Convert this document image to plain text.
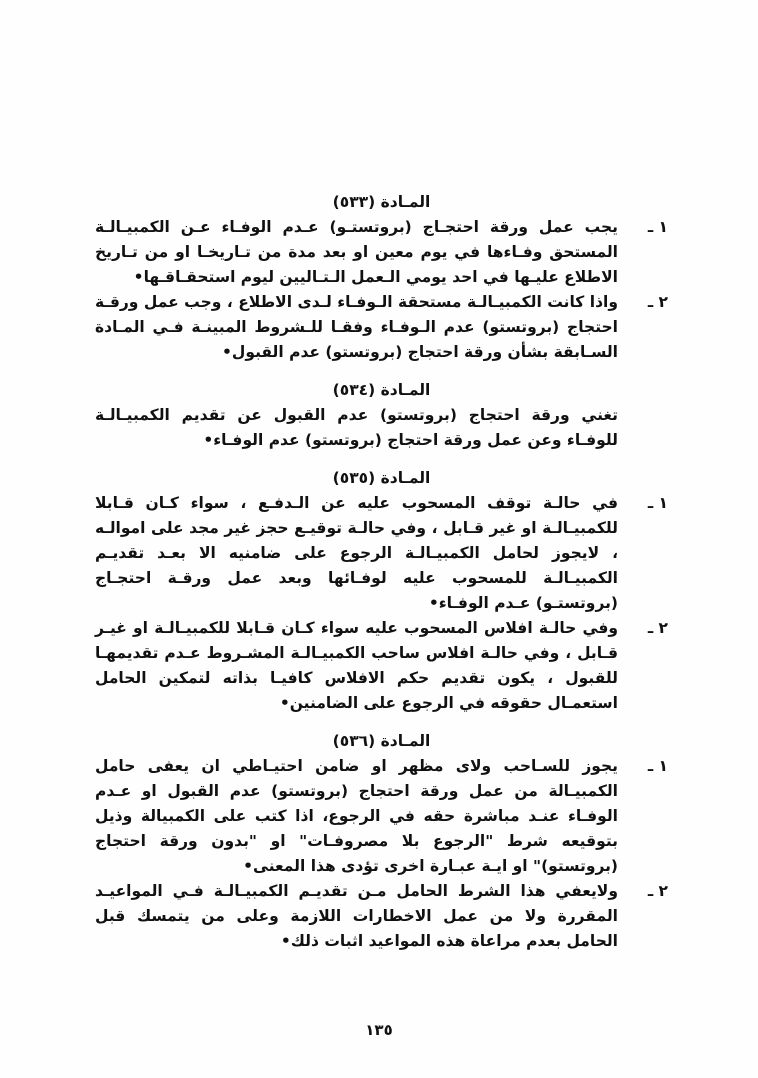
المـادة (٥٣٣)
١ ـ

يجب عمل ورقة احتجـاج (بروتستـو) عـدم الوفـاء عـن الكمبيـالـة المستحق وفـاءها في يوم معين او بعد مدة من تـاريخـا او من تـاريخ الاطلاع عليـها في احد يومي الـعمل الـتـاليين ليوم استحقـاقـها•

٢ ـ

واذا كانت الكمبيـالـة مستحقة الـوفـاء لـدى الاطلاع ، وجب عمل ورقـة احتجاج (بروتستو) عدم الـوفـاء وفقـا للـشروط المبينـة فـي المـادة السـابقة بشأن ورقة احتجاج (بروتستو) عدم القبول•

المـادة (٥٣٤)

تغني ورقة احتجاج (بروتستو) عدم القبول عن تقديم الكمبيـالـة للوفـاء وعن عمل ورقة احتجاج (بروتستو) عدم الوفـاء•

المـادة (٥٣٥)
١ ـ

في حالـة توقف المسحوب عليه عن الـدفـع ، سواء كـان قـابلا للكمبيـالـة او غير قـابل ، وفي حالـة توقيـع حجز غير مجد على اموالـه ، لايجوز لحامل الكمبيـالـة الرجوع على ضامنيه الا بعـد تقديـم الكمبيـالـة للمسحوب عليه لوفـائها وبعد عمل ورقـة احتجـاج (بروتستـو) عـدم الوفـاء•

٢ ـ

وفي حالـة افلاس المسحوب عليه سواء كـان قـابلا للكمبيـالـة او غيـر قـابل ، وفي حالـة افلاس ساحب الكمبيـالـة المشـروط عـدم تقديمهـا للقبول ، يكون تقديم حكم الافلاس كافيـا بذاته لتمكين الحامل استعمـال حقوقه في الرجوع على الضامنين•

المـادة (٥٣٦)
١ ـ

يجوز للسـاحب ولاى مظهر او ضامن احتيـاطي ان يعفى حامل الكمبيـالة من عمل ورقة احتجاج (بروتستو) عدم القبول او عـدم الوفـاء عنـد مباشرة حقه في الرجوع، اذا كتب على الكمبيالة وذيل بتوقيعه شرط "الرجوع بلا مصروفـات" او "بدون ورقة احتجاج (بروتستو)" او ايـة عبـارة اخرى تؤدى هذا المعنى•

٢ ـ

ولايعفي هذا الشرط الحامل مـن تقديـم الكمبيـالـة فـي المواعيـد المقررة ولا من عمل الاخطارات اللازمة وعلى من يتمسك قبل الحامل بعدم مراعاة هذه المواعيد اثبات ذلك•

١٣٥
